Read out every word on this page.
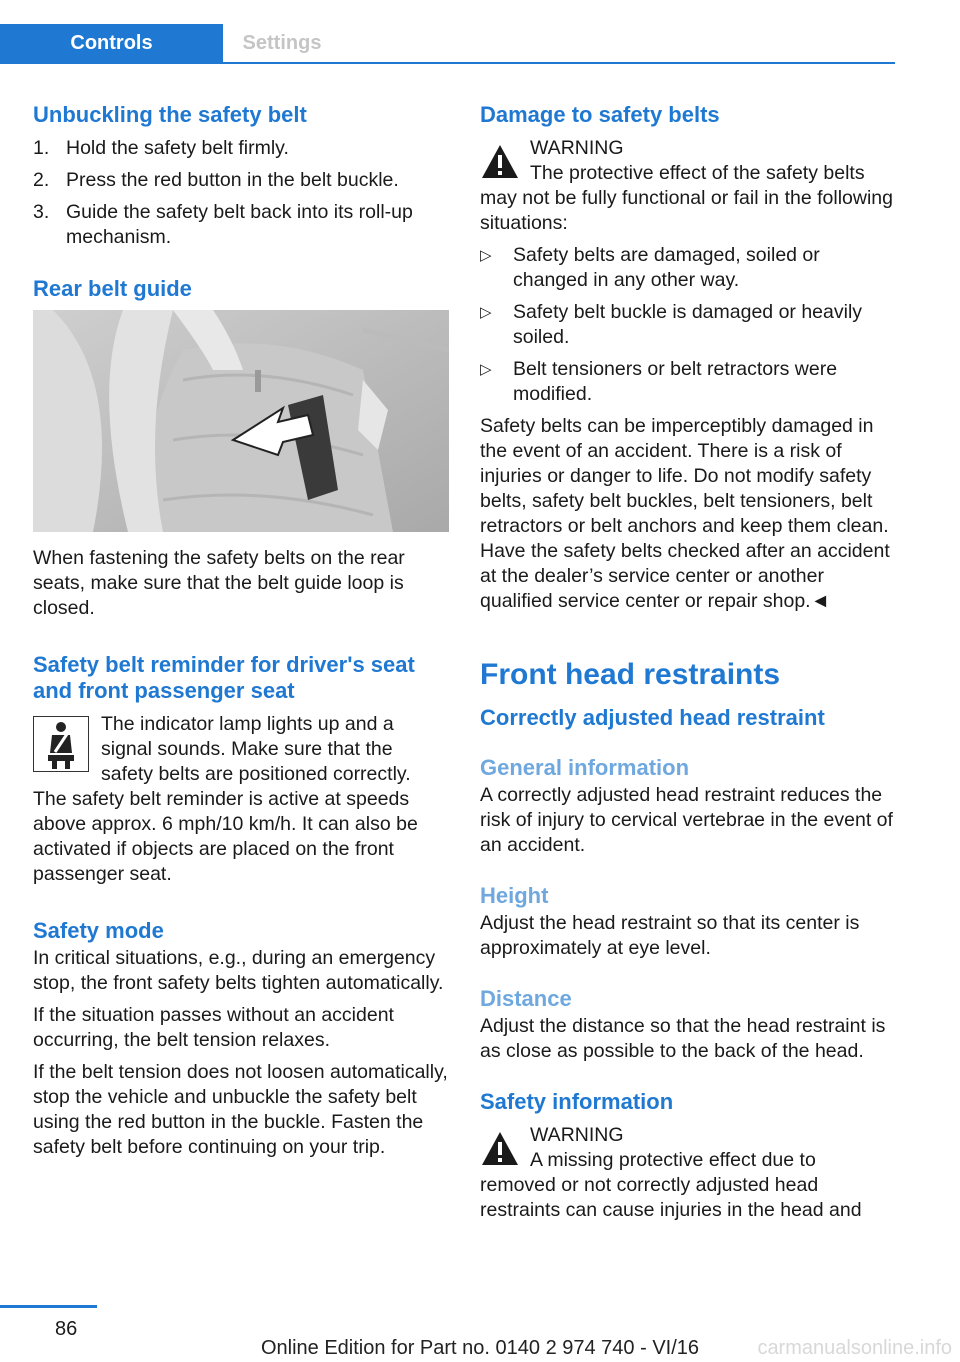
Controls	Settings
Unbuckling the safety belt
1. Hold the safety belt firmly.
2. Press the red button in the belt buckle.
3. Guide the safety belt back into its roll-up mechanism.
Rear belt guide

When fastening the safety belts on the rear seats, make sure that the belt guide loop is closed.

Safety belt reminder for driver's seat and front passenger seat

The indicator lamp lights up and a signal sounds. Make sure that the safety belts are positioned correctly. The safety belt reminder is active at speeds above approx. 6 mph/10 km/h. It can also be activated if objects are placed on the front passenger seat.

Safety mode

In critical situations, e.g., during an emergency stop, the front safety belts tighten automatically.

If the situation passes without an accident occurring, the belt tension relaxes.

If the belt tension does not loosen automatically, stop the vehicle and unbuckle the safety belt using the red button in the buckle. Fasten the safety belt before continuing on your trip.

Damage to safety belts
WARNING

The protective effect of the safety belts may not be fully functional or fail in the following situations:

▷ Safety belts are damaged, soiled or changed in any other way.
▷ Safety belt buckle is damaged or heavily soiled.
▷ Belt tensioners or belt retractors were modified.

Safety belts can be imperceptibly damaged in the event of an accident. There is a risk of injuries or danger to life. Do not modify safety belts, safety belt buckles, belt tensioners, belt retractors or belt anchors and keep them clean. Have the safety belts checked after an accident at the dealer’s service center or another qualified service center or repair shop.◄

Front head restraints
Correctly adjusted head restraint
General information

A correctly adjusted head restraint reduces the risk of injury to cervical vertebrae in the event of an accident.

Height

Adjust the head restraint so that its center is approximately at eye level.

Distance

Adjust the distance so that the head restraint is as close as possible to the back of the head.

Safety information
WARNING

A missing protective effect due to removed or not correctly adjusted head restraints can cause injuries in the head and

86
Online Edition for Part no. 0140 2 974 740 - VI/16	carmanualsonline.info
